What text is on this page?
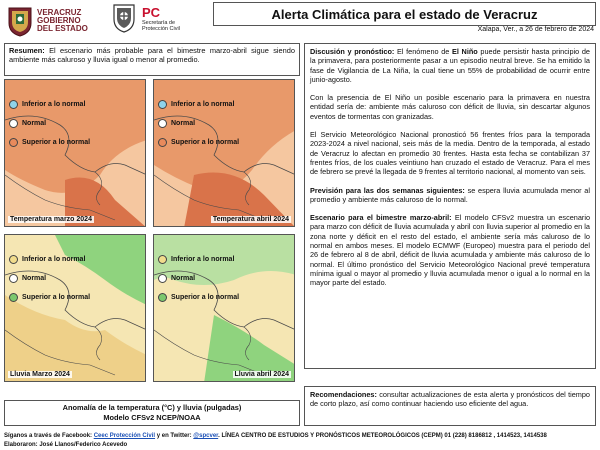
VERACRUZ
GOBIERNO
DEL ESTADO
PC
Secretaría de
Protección Civil
Alerta Climática para el estado de Veracruz
Xalapa, Ver., a 26 de febrero de 2024
Resumen: El escenario más probable para el bimestre marzo-abril sigue siendo ambiente más caluroso y lluvia igual o menor al promedio.
Inferior a lo normal
Normal
Superior a lo normal
Temperatura marzo 2024
Inferior a lo normal
Normal
Superior a lo normal
Temperatura abril 2024
Inferior a lo normal
Normal
Superior a lo normal
Lluvia Marzo 2024
Inferior a lo normal
Normal
Superior a lo normal
Lluvia abril 2024
Anomalía de la temperatura (°C) y lluvia (pulgadas)
Modelo CFSv2 NCEP/NOAA

Discusión y pronóstico: El fenómeno de El Niño puede persistir hasta principio de la primavera, para posteriormente pasar a un episodio neutral breve. Se ha emitido la fase de Vigilancia de La Niña, la cual tiene un 55% de probabilidad de ocurrir entre junio-agosto.

Con la presencia de El Niño un posible escenario para la primavera en nuestra entidad sería de: ambiente más caluroso con déficit de lluvia, sin descartar algunos eventos de tormentas con granizadas.

El Servicio Meteorológico Nacional pronosticó 56 frentes fríos para la temporada 2023-2024 a nivel nacional, seis más de la media. Dentro de la temporada, al estado de Veracruz lo afectan en promedio 30 frentes. Hasta esta fecha se contabilizan 37 frentes fríos, de los cuales veintiuno han cruzado el estado de Veracruz. Para el mes de febrero se prevé la llegada de 9 frentes al territorio nacional, al momento van seis.

Previsión para las dos semanas siguientes: se espera lluvia acumulada menor al promedio y ambiente más caluroso de lo normal.

Escenario para el bimestre marzo-abril: El modelo CFSv2 muestra un escenario para marzo con déficit de lluvia acumulada y abril con lluvia superior al promedio en la zona norte y déficit en el resto del estado, el ambiente sería más caluroso de lo normal en ambos meses. El modelo ECMWF (Europeo) muestra para el periodo del 26 de febrero al 8 de abril, déficit de lluvia acumulada y ambiente más caluroso de lo normal. El último pronóstico del Servicio Meteorológico Nacional prevé temperatura mínima igual o mayor al promedio y lluvia acumulada menor o igual a lo normal en la mayor parte del estado.

Recomendaciones: consultar actualizaciones de esta alerta y pronósticos del tiempo de corto plazo, así como continuar haciendo uso eficiente del agua.
Síganos a través de Facebook: Ceec Protección Civil y en Twitter: @spcver. LÍNEA CENTRO DE ESTUDIOS Y PRONÓSTICOS METEOROLÓGICOS (CEPM) 01 (228) 8186812 , 1414523, 1414538
Elaboraron: José Llanos/Federico Acevedo
